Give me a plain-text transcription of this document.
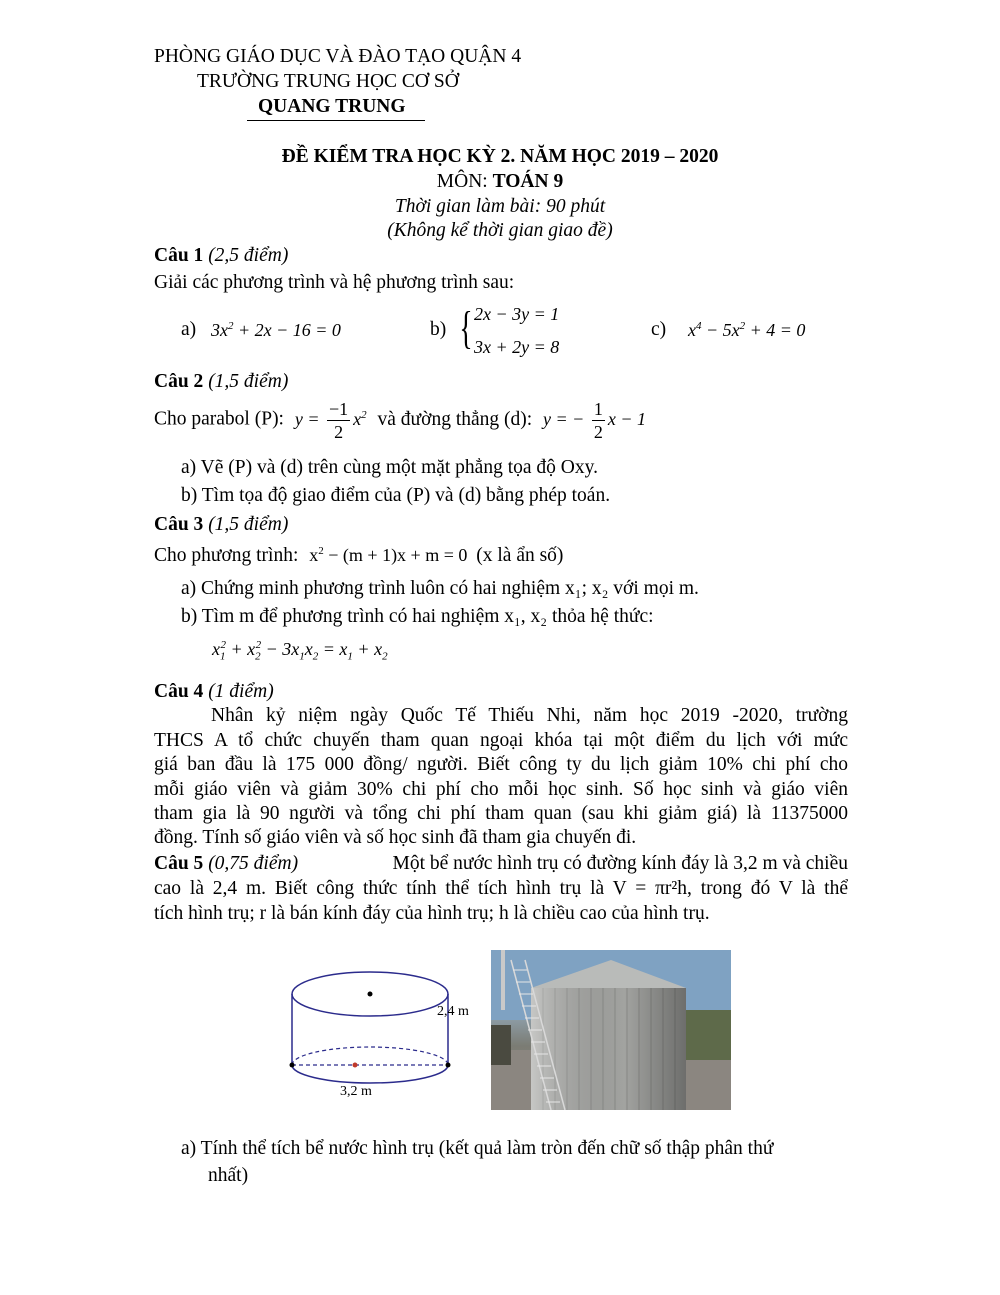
PHÒNG GIÁO DỤC VÀ ĐÀO TẠO QUẬN 4
TRƯỜNG TRUNG HỌC CƠ SỞ
QUANG TRUNG
ĐỀ KIỂM TRA HỌC KỲ 2. NĂM HỌC 2019 – 2020
MÔN: TOÁN 9
Thời gian làm bài: 90 phút
(Không kể thời gian giao đề)
Câu 1 (2,5 điểm)
Giải các phương trình và hệ phương trình sau:
a) $3x^2 + 2x - 16 = 0$	b) { 2x − 3y = 1
3x + 2y = 8
c) $x^4 - 5x^2 + 4 = 0$
Câu 2 (1,5 điểm)
Cho parabol (P): $y = \frac{-1}{2} x^2$ và đường thẳng (d): y = − $\frac{1}{2}$ x − 1
a) Vẽ (P) và (d) trên cùng một mặt phẳng tọa độ Oxy.
b) Tìm tọa độ giao điểm của (P) và (d) bằng phép toán.
Câu 3 (1,5 điểm)
Cho phương trình: $x^2 - (m + 1)x + m = 0$ (x là ẩn số)
a) Chứng minh phương trình luôn có hai nghiệm x₁; x₂ với mọi m.
b) Tìm m để phương trình có hai nghiệm x₁, x₂ thỏa hệ thức:
$x_1^2 + x_2^2 - 3x_1x_2 = x_1 + x_2$
Câu 4 (1 điểm)
Nhân kỷ niệm ngày Quốc Tế Thiếu Nhi, năm học 2019 -2020, trường
THCS A tổ chức chuyến tham quan ngoại khóa tại một điểm du lịch với mức
giá ban đầu là 175 000 đồng/ người. Biết công ty du lịch giảm 10% chi phí cho
mỗi giáo viên và giảm 30% chi phí cho mỗi học sinh. Số học sinh và giáo viên
tham gia là 90 người và tổng chi phí tham quan (sau khi giảm giá) là 11375000
đồng. Tính số giáo viên và số học sinh đã tham gia chuyến đi.
Câu 5 (0,75 điểm)	Một bể nước hình trụ có đường kính đáy là 3,2 m và chiều
cao là 2,4 m. Biết công thức tính thể tích hình trụ là V = πr²h, trong đó V là thể
tích hình trụ; r là bán kính đáy của hình trụ; h là chiều cao của hình trụ.
2,4 m
3,2 m
a) Tính thể tích bể nước hình trụ (kết quả làm tròn đến chữ số thập phân thứ
nhất)
